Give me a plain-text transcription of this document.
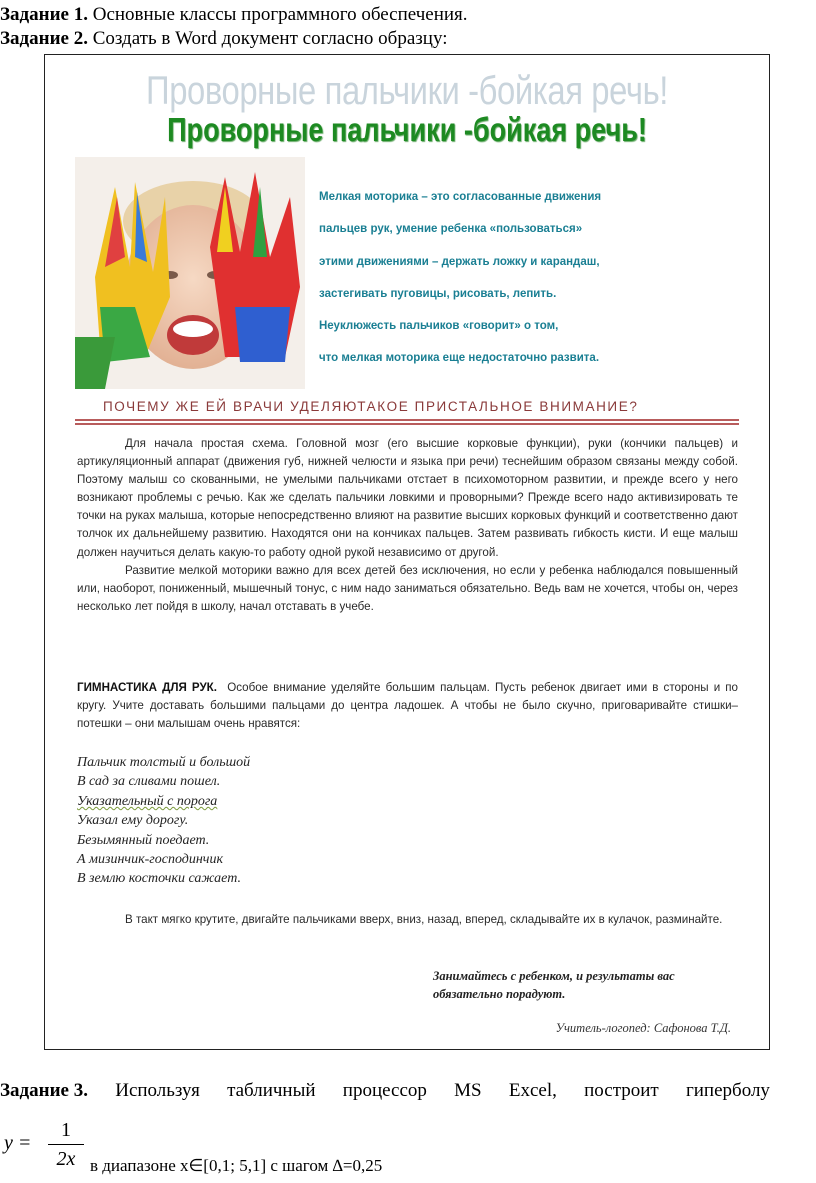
Задание 1. Основные классы программного обеспечения.
Задание 2. Создать в Word документ согласно образцу:
Проворные пальчики -бойкая речь!
Проворные пальчики -бойкая речь!
Мелкая моторика – это согласованные движения
пальцев рук, умение ребенка «пользоваться»
этими движениями – держать ложку и карандаш,
застегивать пуговицы, рисовать, лепить.
Неуклюжесть пальчиков «говорит» о том,
что мелкая моторика еще недостаточно развита.
ПОЧЕМУ ЖЕ ЕЙ ВРАЧИ УДЕЛЯЮТАКОЕ ПРИСТАЛЬНОЕ ВНИМАНИЕ?

Для начала простая схема. Головной мозг (его высшие корковые функции), руки (кончики пальцев) и артикуляционный аппарат (движения губ, нижней челюсти и языка при речи) теснейшим образом связаны между собой. Поэтому малыш со скованными, не умелыми пальчиками отстает в психомоторном развитии, и прежде всего у него возникают проблемы с речью. Как же сделать пальчики ловкими и проворными? Прежде всего надо активизировать те точки на руках малыша, которые непосредственно влияют на развитие высших корковых функций и соответственно дают толчок их дальнейшему развитию. Находятся они на кончиках пальцев. Затем развивать гибкость кисти. И еще малыш должен научиться делать какую-то работу одной рукой независимо от другой.

Развитие мелкой моторики важно для всех детей без исключения, но если у ребенка наблюдался повышенный или, наоборот, пониженный, мышечный тонус, с ним надо заниматься обязательно. Ведь вам не хочется, чтобы он, через несколько лет пойдя в школу, начал отставать в учебе.

ГИМНАСТИКА ДЛЯ РУК. Особое внимание уделяйте большим пальцам. Пусть ребенок двигает ими в стороны и по кругу. Учите доставать большими пальцами до центра ладошек. А чтобы не было скучно, приговаривайте стишки–потешки – они малышам очень нравятся:
Пальчик толстый и большой
В сад за сливами пошел.
Указательный с порога
Указал ему дорогу.
Безымянный поедает.
А мизинчик-господинчик
В землю косточки сажает.

В такт мягко крутите, двигайте пальчиками вверх, вниз, назад, вперед, складывайте их в кулачок, разминайте.

Занимайтесь с ребенком, и результаты вас
обязательно порадуют.
Учитель-логопед: Сафонова Т.Д.
Задание 3. Используя табличный процессор MS Excel, построит гиперболу
y =
1
2x в диапазоне x∈[0,1; 5,1] с шагом ∆=0,25
